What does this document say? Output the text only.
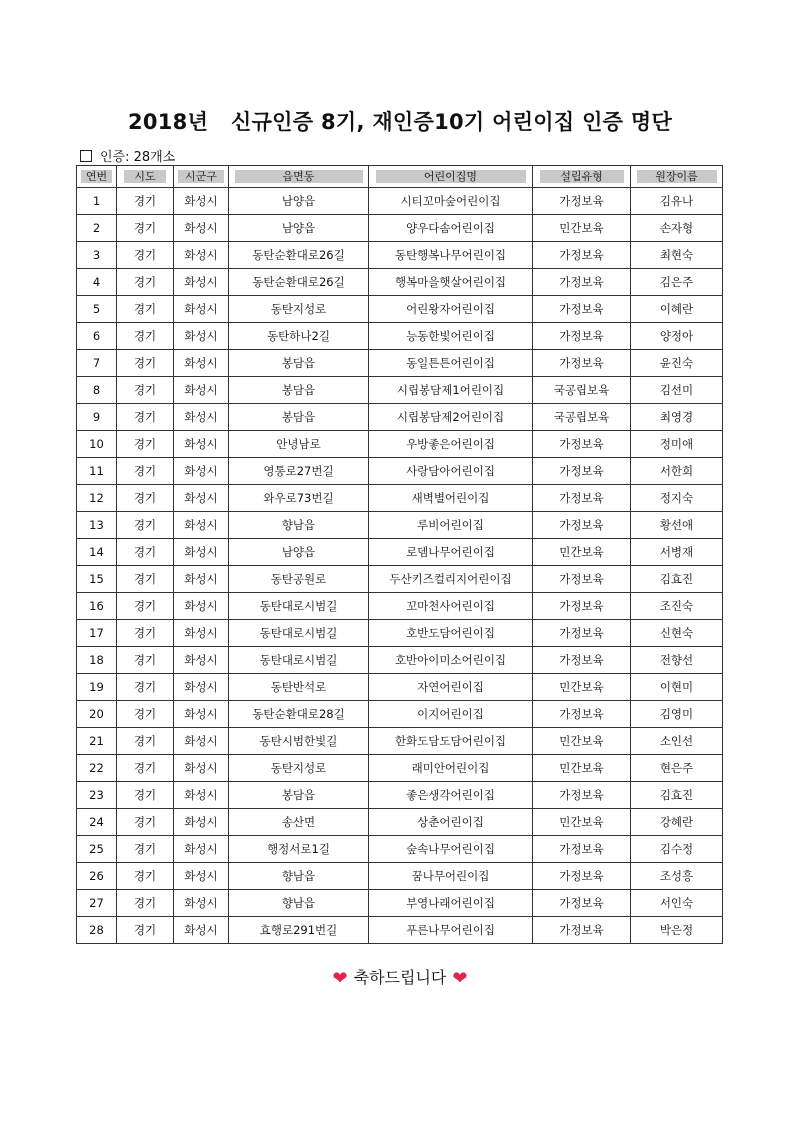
2018년   신규인증 8기, 재인증10기 어린이집 인증 명단
인증: 28개소
연번	시도	시군구	읍면동	어린이집명	설립유형	원장이름

1	경기	화성시	남양읍	시티꼬마숲어린이집	가정보육	김유나
2	경기	화성시	남양읍	양우다솜어린이집	민간보육	손자형
3	경기	화성시	동탄순환대로26길	동탄행복나무어린이집	가정보육	최현숙
4	경기	화성시	동탄순환대로26길	행복마을햇살어린이집	가정보육	김은주
5	경기	화성시	동탄지성로	어린왕자어린이집	가정보육	이혜란
6	경기	화성시	동탄하나2길	능동한빛어린이집	가정보육	양정아
7	경기	화성시	봉담읍	동일튼튼어린이집	가정보육	윤진숙
8	경기	화성시	봉담읍	시립봉담제1어린이집	국공립보육	김선미
9	경기	화성시	봉담읍	시립봉담제2어린이집	국공립보육	최영경
10	경기	화성시	안녕남로	우방좋은어린이집	가정보육	정미애
11	경기	화성시	영통로27번길	사랑담아어린이집	가정보육	서한희
12	경기	화성시	와우로73번길	새벽별어린이집	가정보육	정지숙
13	경기	화성시	향남읍	루비어린이집	가정보육	황선애
14	경기	화성시	남양읍	로뎀나무어린이집	민간보육	서병재
15	경기	화성시	동탄공원로	두산키즈컬리지어린이집	가정보육	김효진
16	경기	화성시	동탄대로시범길	꼬마천사어린이집	가정보육	조진숙
17	경기	화성시	동탄대로시범길	호반도담어린이집	가정보육	신현숙
18	경기	화성시	동탄대로시범길	호반아이미소어린이집	가정보육	전향선
19	경기	화성시	동탄반석로	자연어린이집	민간보육	이현미
20	경기	화성시	동탄순환대로28길	이지어린이집	가정보육	김영미
21	경기	화성시	동탄시범한빛길	한화도담도담어린이집	민간보육	소인선
22	경기	화성시	동탄지성로	래미안어린이집	민간보육	현은주
23	경기	화성시	봉담읍	좋은생각어린이집	가정보육	김효진
24	경기	화성시	송산면	상춘어린이집	민간보육	강혜란
25	경기	화성시	행정서로1길	숲속나무어린이집	가정보육	김수정
26	경기	화성시	향남읍	꿈나무어린이집	가정보육	조성흥
27	경기	화성시	향남읍	부영나래어린이집	가정보육	서인숙
28	경기	화성시	효행로291번길	푸른나무어린이집	가정보육	박은정
❤ 축하드립니다 ❤
